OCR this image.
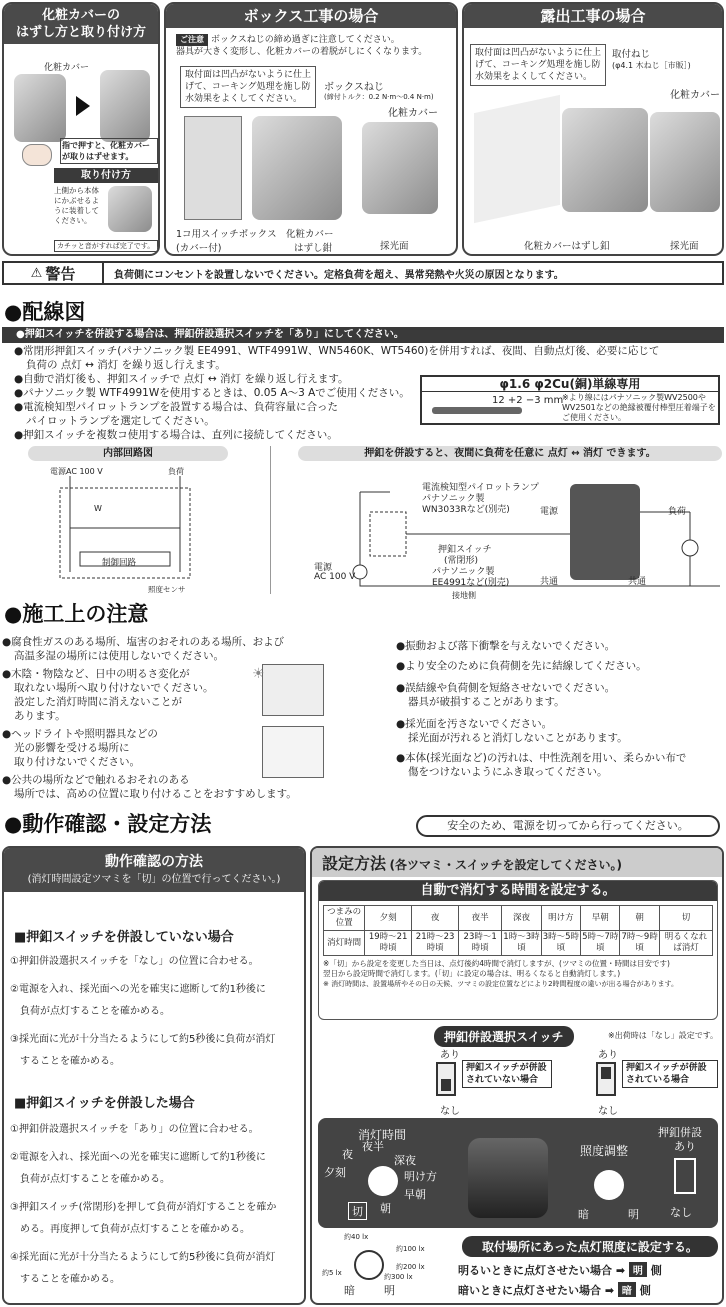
化粧カバーの
はずし方と取り付け方
化粧カバー
指で押すと、化粧カバーが取りはずせます。
取り付け方
上側から本体にかぶせるように装着してください。
カチッと音がすれば完了です。
ボックス工事の場合
ご注意 ボックスねじの締め過ぎに注意してください。
器具が大きく変形し、化粧カバーの着脱がしにくくなります。
取付面は凹凸がないように仕上げて、コーキング処理を施し防水効果をよくしてください。
ボックスねじ
(締付トルク：0.2 N·m〜0.4 N·m)
化粧カバー
1コ用スイッチボックス
(カバー付)
化粧カバー
はずし鉗	採光面
露出工事の場合
取付面は凹凸がないように仕上げて、コーキング処理を施し防水効果をよくしてください。
取付ねじ
(φ4.1 木ねじ［市販］)
化粧カバー
化粧カバーはずし釦	採光面
⚠ 警告	負荷側にコンセントを設置しないでください。定格負荷を超え、異常発熱や火災の原因となります。
●配線図
●押釦スイッチを併設する場合は、押釦併設選択スイッチを「あり」にしてください。
●常閉形押釦スイッチ(パナソニック製 EE4991、WTF4991W、WN5460K、WT5460)を併用すれば、夜間、自動点灯後、必要に応じて
負荷の 点灯 ↔ 消灯 を繰り返し行えます。
●自動で消灯後も、押釦スイッチで 点灯 ↔ 消灯 を繰り返し行えます。
●パナソニック製 WTF4991Wを使用するときは、0.05 A〜3 Aでご使用ください。
●電流検知型パイロットランプを設置する場合は、負荷容量に合った
パイロットランプを選定してください。
●押釦スイッチを複数コ使用する場合は、直列に接続してください。
φ1.6 φ2Cu(銅)単線専用
12 +2 −3 mm
※より線にはパナソニック製WV2500やWV2501などの絶縁被覆付棒型圧着端子をご使用ください。
内部回路図
電源AC 100 V	負荷
W
制御回路
照度センサ
押釦を併設すると、夜間に負荷を任意に 点灯 ↔ 消灯 できます。
電流検知型パイロットランプ
パナソニック製
WN3033Rなど(別売)
押釦スイッチ
(常閉形)
パナソニック製
EE4991など(別売)
電源
AC 100 V
電源	負荷
共通	共通
接地側
●施工上の注意
●腐食性ガスのある場所、塩害のおそれのある場所、および
高温多湿の場所には使用しないでください。
●木陰・物陰など、日中の明るさ変化が
取れない場所へ取り付けないでください。
設定した消灯時間に消えないことが
あります。
●ヘッドライトや照明器具などの
光の影響を受ける場所に
取り付けないでください。
●公共の場所などで触れるおそれのある
場所では、高めの位置に取り付けることをおすすめします。
☀
●振動および落下衝撃を与えないでください。
●より安全のために負荷側を先に結線してください。
●誤結線や負荷側を短絡させないでください。
器具が破損することがあります。
●採光面を汚さないでください。
採光面が汚れると消灯しないことがあります。
●本体(採光面など)の汚れは、中性洗剤を用い、柔らかい布で
傷をつけないようにふき取ってください。
●動作確認・設定方法	安全のため、電源を切ってから行ってください。
動作確認の方法
(消灯時間設定ツマミを「切」の位置で行ってください。)
■押釦スイッチを併設していない場合
①押釦併設選択スイッチを「なし」の位置に合わせる。
②電源を入れ、採光面への光を確実に遮断して約1秒後に
負荷が点灯することを確かめる。
③採光面に光が十分当たるようにして約5秒後に負荷が消灯
することを確かめる。
■押釦スイッチを併設した場合
①押釦併設選択スイッチを「あり」の位置に合わせる。
②電源を入れ、採光面への光を確実に遮断して約1秒後に
負荷が点灯することを確かめる。
③押釦スイッチ(常閉形)を押して負荷が消灯することを確か
める。再度押して負荷が点灯することを確かめる。
④採光面に光が十分当たるようにして約5秒後に負荷が消灯
することを確かめる。
設定方法 (各ツマミ・スイッチを設定してください。)
自動で消灯する時間を設定する。
つまみの位置	夕刻	夜	夜半	深夜	明け方	早朝	朝	切
消灯時間	19時〜21時頃	21時〜23時頃	23時〜1時頃	1時〜3時頃	3時〜5時頃	5時〜7時頃	7時〜9時頃	明るくなれば消灯
※「切」から設定を変更した当日は、点灯後約4時間で消灯しますが、(ツマミの位置・時間は目安です)
翌日から設定時間で消灯します。(「切」に設定の場合は、明るくなると自動消灯します。)
※ 消灯時間は、設置場所やその日の天候、ツマミの設定位置などにより2時間程度の違いが出る場合があります。
押釦併設選択スイッチ	※出荷時は「なし」設定です。
あり
押釦スイッチが併設されていない場合
なし
あり
押釦スイッチが併設されている場合
なし
消灯時間
夕刻
夜
夜半
深夜
明け方
早朝
朝
切
照度調整
暗	明
押釦併設
あり
なし
約40 lx
約100 lx
約200 lx
約300 lx
約5 lx
暗	明
取付場所にあった点灯照度に設定する。
明るいときに点灯させたい場合 ➡ 明 側
暗いときに点灯させたい場合 ➡ 暗 側
